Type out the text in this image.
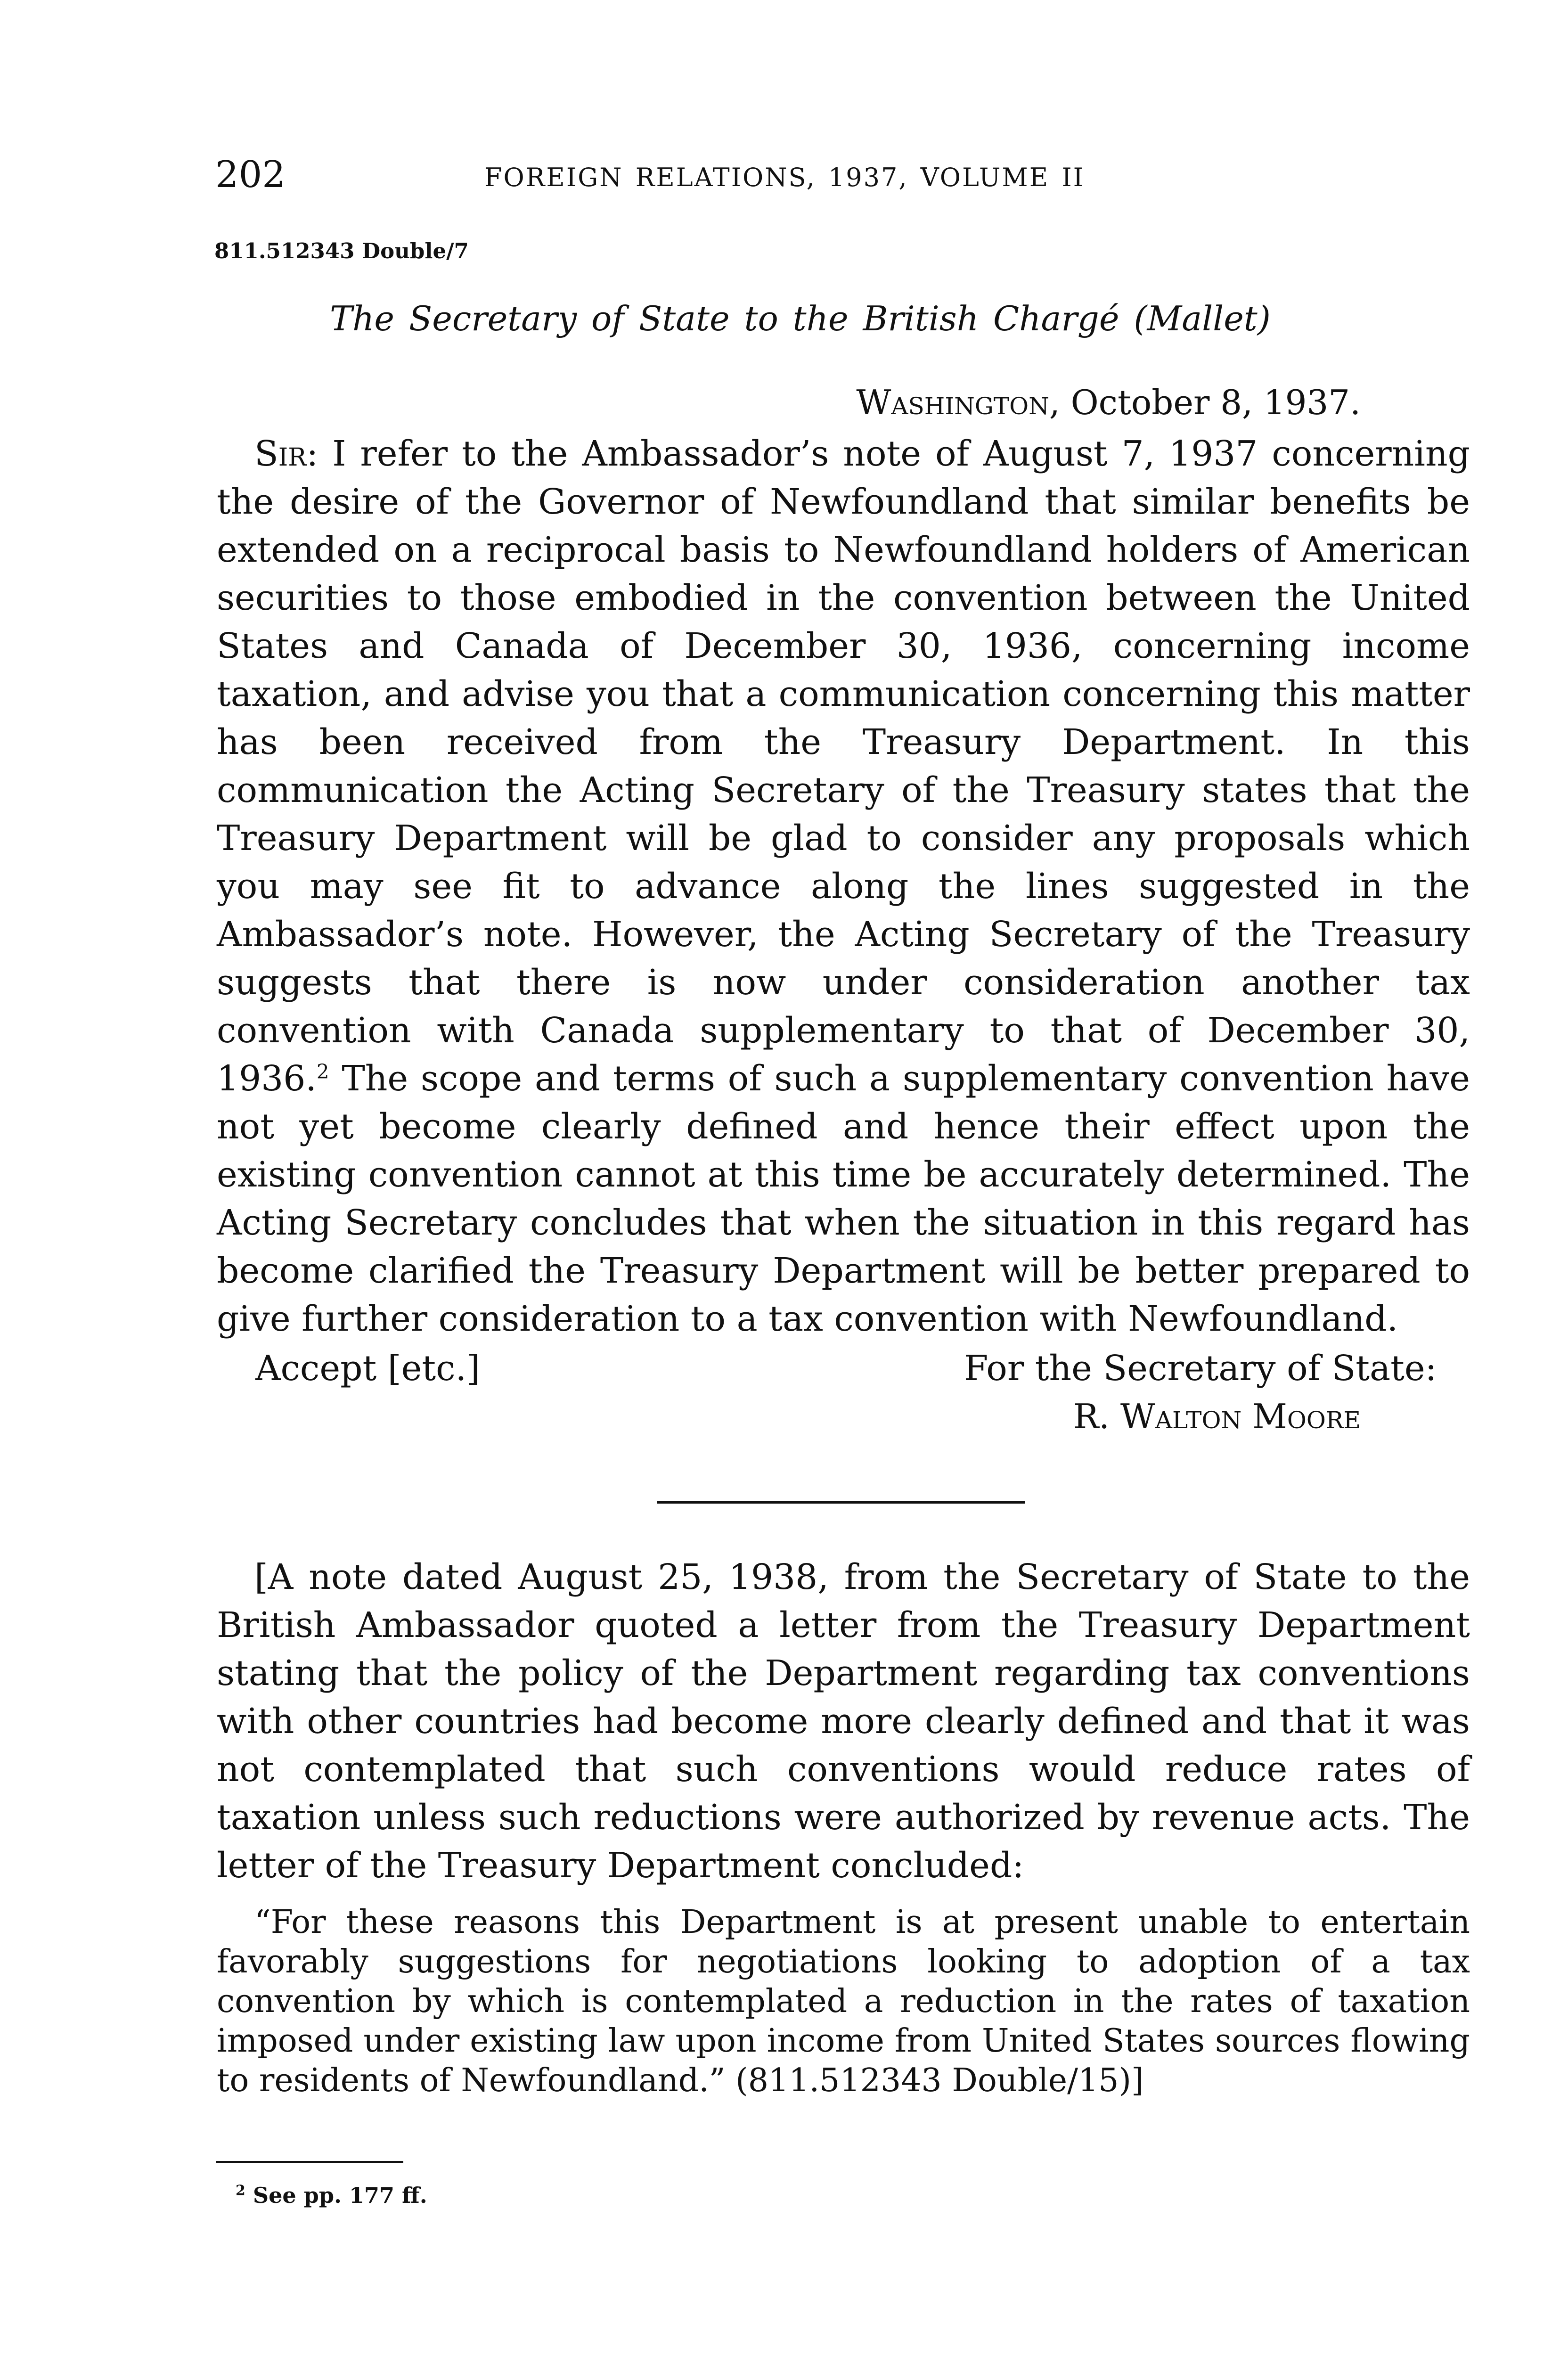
202	FOREIGN RELATIONS, 1937, VOLUME II
811.512343 Double/7
The Secretary of State to the British Chargé (Mallet)
Washington, October 8, 1937.

Sir: I refer to the Ambassador’s note of August 7, 1937 concerning the desire of the Governor of Newfoundland that similar benefits be extended on a reciprocal basis to Newfoundland holders of American securities to those embodied in the convention between the United States and Canada of December 30, 1936, concerning income taxation, and advise you that a communication concerning this matter has been received from the Treasury Department. In this communication the Acting Secretary of the Treasury states that the Treasury Department will be glad to consider any proposals which you may see fit to advance along the lines suggested in the Ambassador’s note. However, the Acting Secretary of the Treasury suggests that there is now under consideration another tax convention with Canada supplementary to that of December 30, 1936.$^2$ The scope and terms of such a supplementary convention have not yet become clearly defined and hence their effect upon the existing convention cannot at this time be accurately determined. The Acting Secretary concludes that when the situation in this regard has become clarified the Treasury Department will be better prepared to give further consideration to a tax convention with Newfoundland.

Accept [etc.]	For the Secretary of State:
R. Walton Moore

[A note dated August 25, 1938, from the Secretary of State to the British Ambassador quoted a letter from the Treasury Department stating that the policy of the Department regarding tax conventions with other countries had become more clearly defined and that it was not contemplated that such conventions would reduce rates of taxation unless such reductions were authorized by revenue acts. The letter of the Treasury Department concluded:

“For these reasons this Department is at present unable to entertain favorably suggestions for negotiations looking to adoption of a tax convention by which is contemplated a reduction in the rates of taxation imposed under existing law upon income from United States sources flowing to residents of Newfoundland.” (811.512343 Double/15)]

$^2$ See pp. 177 ff.
